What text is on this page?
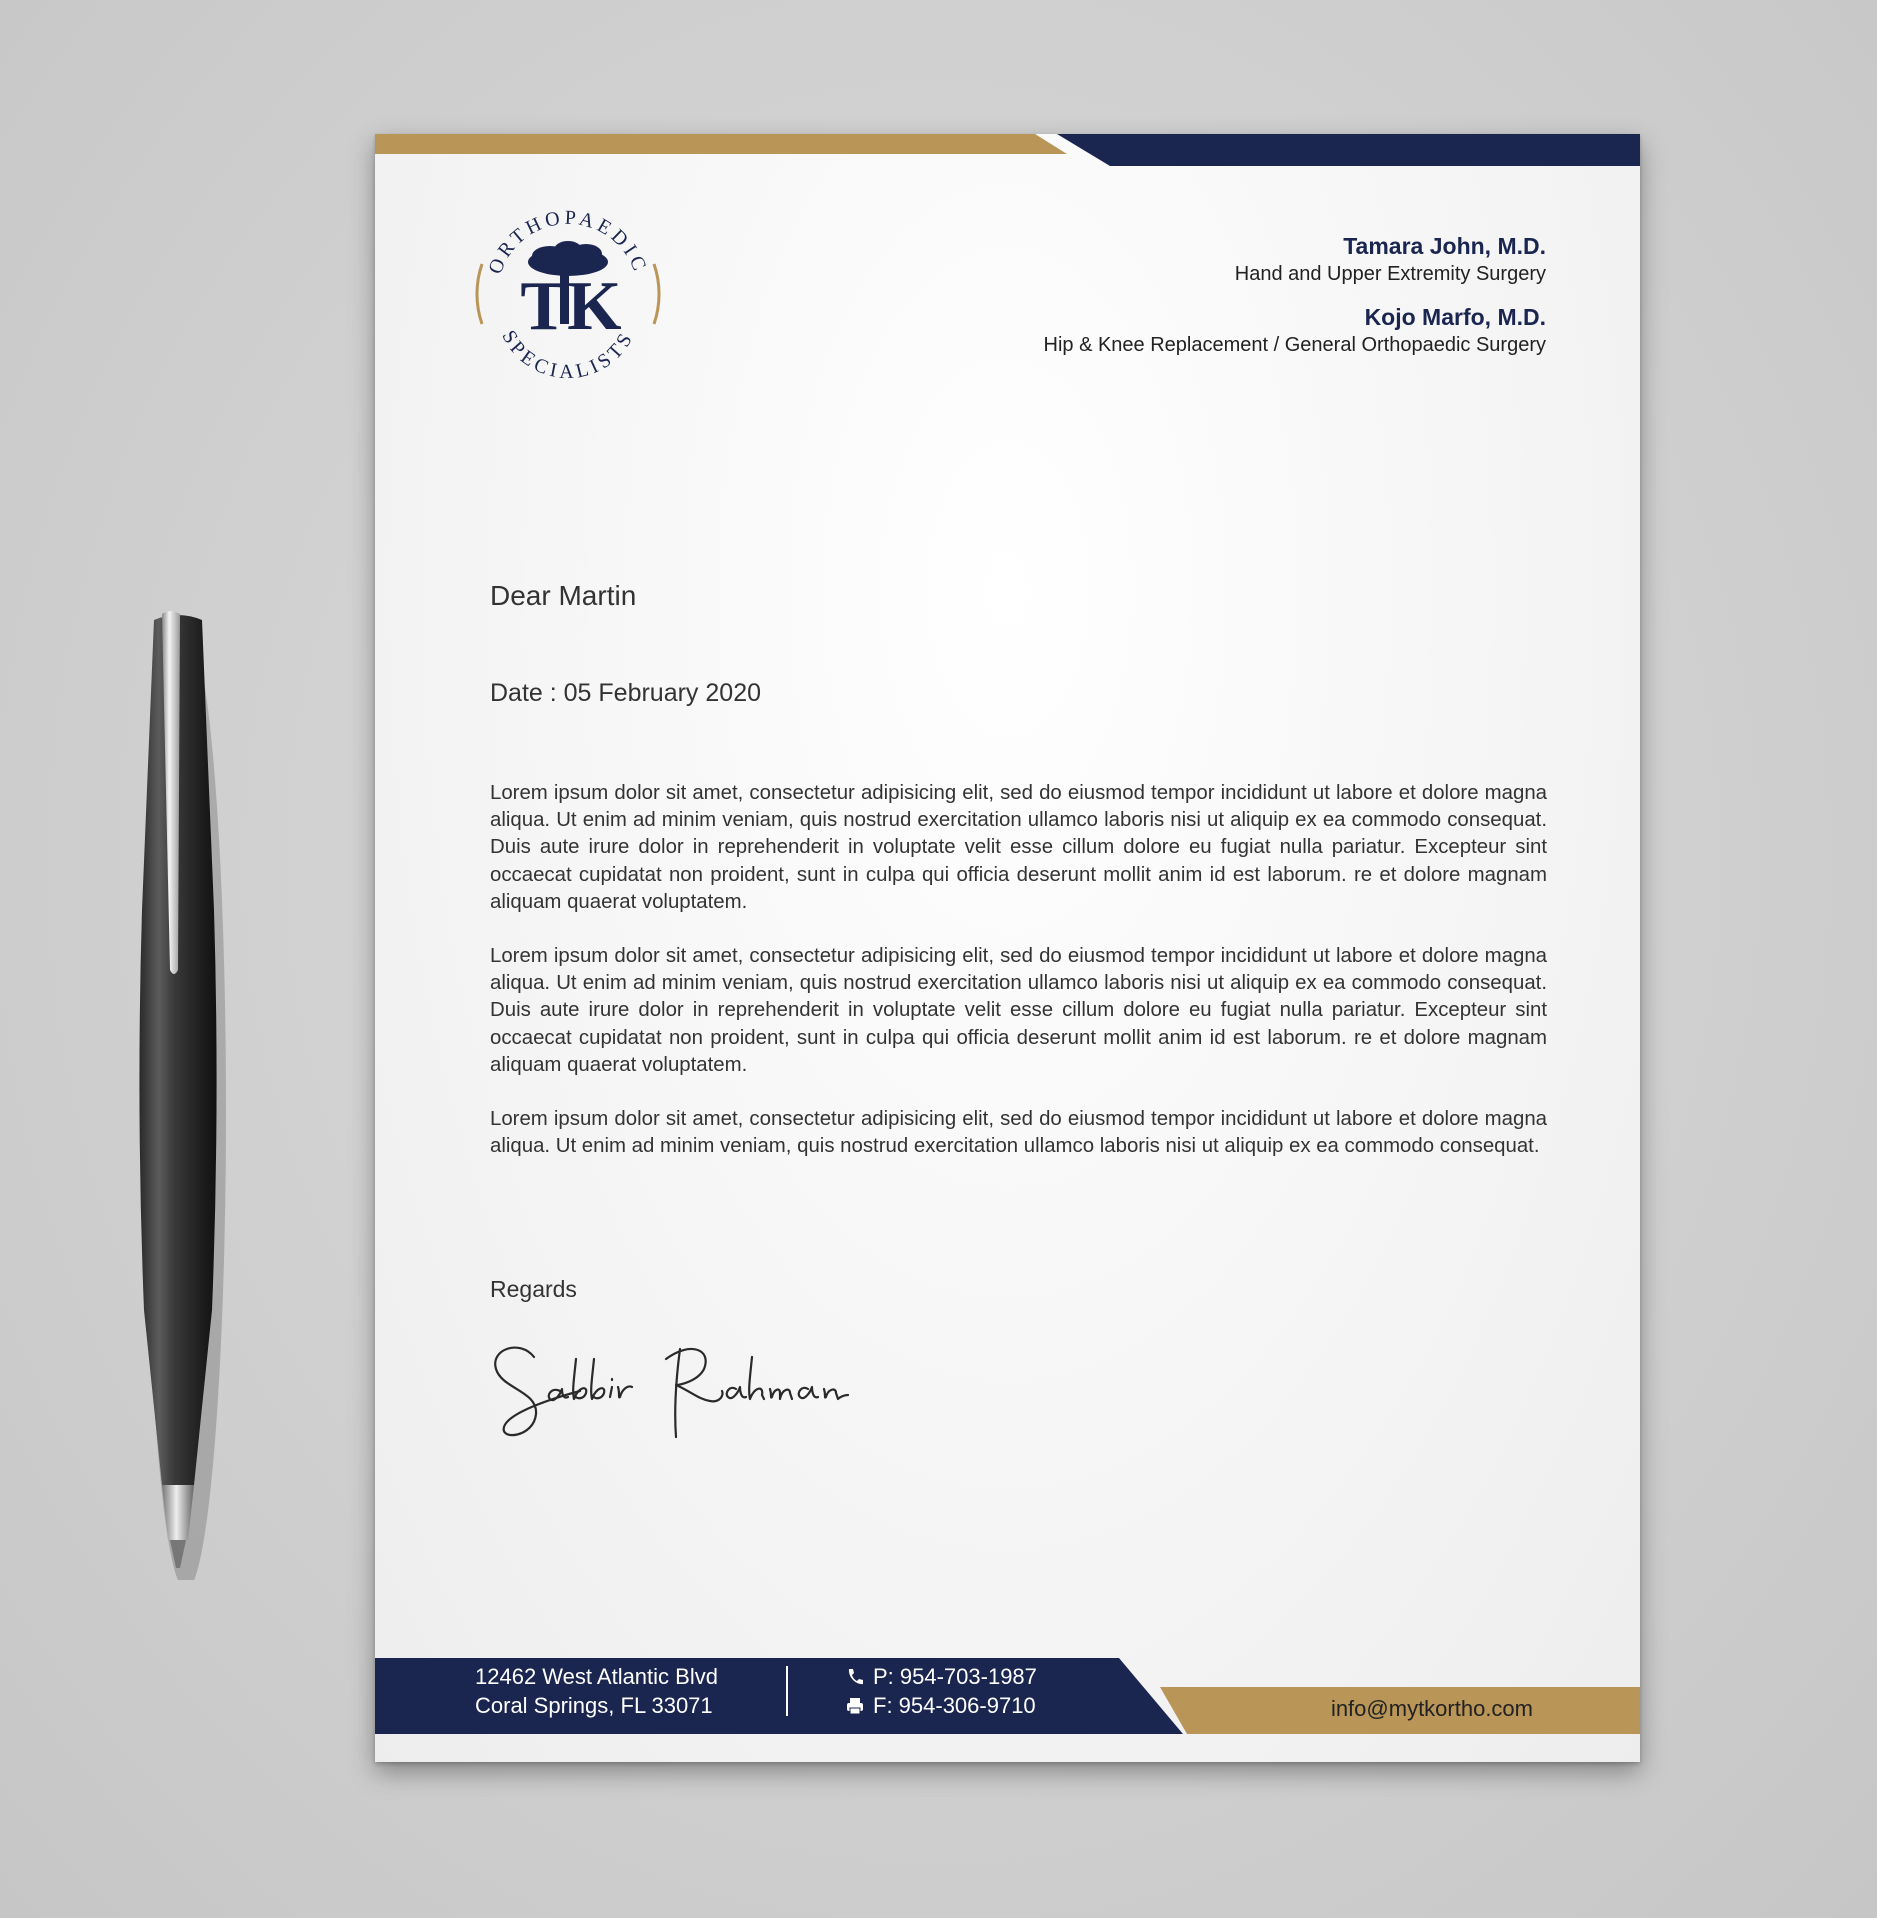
ORTHOPAEDIC
SPECIALISTS
TK

Tamara John, M.D.

Hand and Upper Extremity Surgery

Kojo Marfo, M.D.

Hip & Knee Replacement / General Orthopaedic Surgery

Dear Martin
Date : 05 February 2020

Lorem ipsum dolor sit amet, consectetur adipisicing elit, sed do eiusmod tempor incididunt ut labore et dolore magna aliqua. Ut enim ad minim veniam, quis nostrud exercitation ullamco laboris nisi ut aliquip ex ea commodo consequat. Duis aute irure dolor in reprehenderit in voluptate velit esse cillum dolore eu fugiat nulla pariatur. Excepteur sint occaecat cupidatat non proident, sunt in culpa qui officia deserunt mollit anim id est laborum. re et dolore magnam aliquam quaerat voluptatem.

Lorem ipsum dolor sit amet, consectetur adipisicing elit, sed do eiusmod tempor incididunt ut labore et dolore magna aliqua. Ut enim ad minim veniam, quis nostrud exercitation ullamco laboris nisi ut aliquip ex ea commodo consequat. Duis aute irure dolor in reprehenderit in voluptate velit esse cillum dolore eu fugiat nulla pariatur. Excepteur sint occaecat cupidatat non proident, sunt in culpa qui officia deserunt mollit anim id est laborum. re et dolore magnam aliquam quaerat voluptatem.

Lorem ipsum dolor sit amet, consectetur adipisicing elit, sed do eiusmod tempor incididunt ut labore et dolore magna aliqua. Ut enim ad minim veniam, quis nostrud exercitation ullamco laboris nisi ut aliquip ex ea commodo consequat.

Regards
12462 West Atlantic Blvd
Coral Springs, FL 33071
P: 954-703-1987
F: 954-306-9710	info@mytkortho.com
